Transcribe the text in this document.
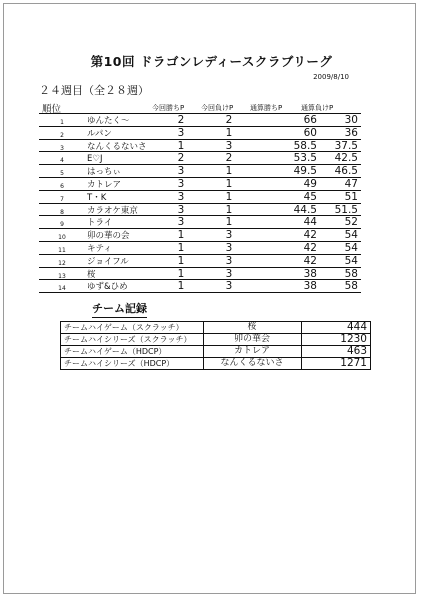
第10回 ドラゴンレディースクラブリーグ
2009/8/10
２４週目（全２８週）
順位	今回勝ちP 今回負けP 通算勝ちP	通算負けP
1	ゆんたく〜	2	2	66	30
2	ルパン	3	1	60	36
3	なんくるないさ	1	3	58.5	37.5
4	E♡J	2	2	53.5	42.5
5	はっちぃ	3	1	49.5	46.5
6	カトレア	3	1	49	47
7	T・K	3	1	45	51
8	カラオケ東京	3	1	44.5	51.5
9	トライ	3	1	44	52
10 卯の華の会	1	3	42	54
11 キティ	1	3	42	54
12 ジョイフル	1	3	42	54
13 桜	1	3	38	58
14 ゆず&ひめ	1	3	38	58
チーム記録
チームハイゲーム（スクラッチ）	桜	444
チームハイシリーズ（スクラッチ）	卯の華会	1230
チームハイゲーム（HDCP）	カトレア	463
チームハイシリーズ（HDCP）	なんくるないさ	1271
